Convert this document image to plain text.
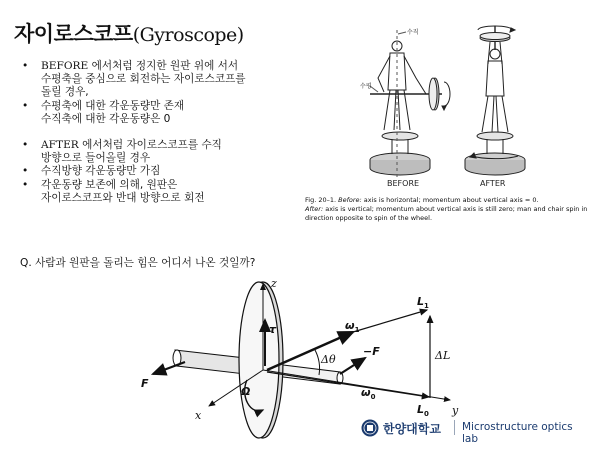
자이로스코프(Gyroscope)
• BEFORE 에서처럼 정지한 원판 위에 서서
수평축을 중심으로 회전하는 자이로스코프를
돌릴 경우,
• 수평축에 대한 각운동량만 존재
수직축에 대한 각운동량은 0
• AFTER 에서처럼 자이로스코프를 수직
방향으로 들어올릴 경우
• 수직방향 각운동량만 가짐
• 각운동량 보존에 의해, 원판은
자이로스코프와 반대 방향으로 회전
Q. 사람과 원판을 돌리는 힘은 어디서 나온 것일까?
수직
수평
BEFORE	AFTER
Fig. 20–1. Before: axis is horizontal; momentum about vertical axis = 0.
After: axis is vertical; momentum about vertical axis is still zero; man and chair spin in direction opposite to spin of the wheel.
z
x	y
τ
F
−F
Ω
$\omega_1$
$\omega_0$
$L_1$
$L_0$
ΔL
Δθ
한양대학교 Microstructure optics lab
